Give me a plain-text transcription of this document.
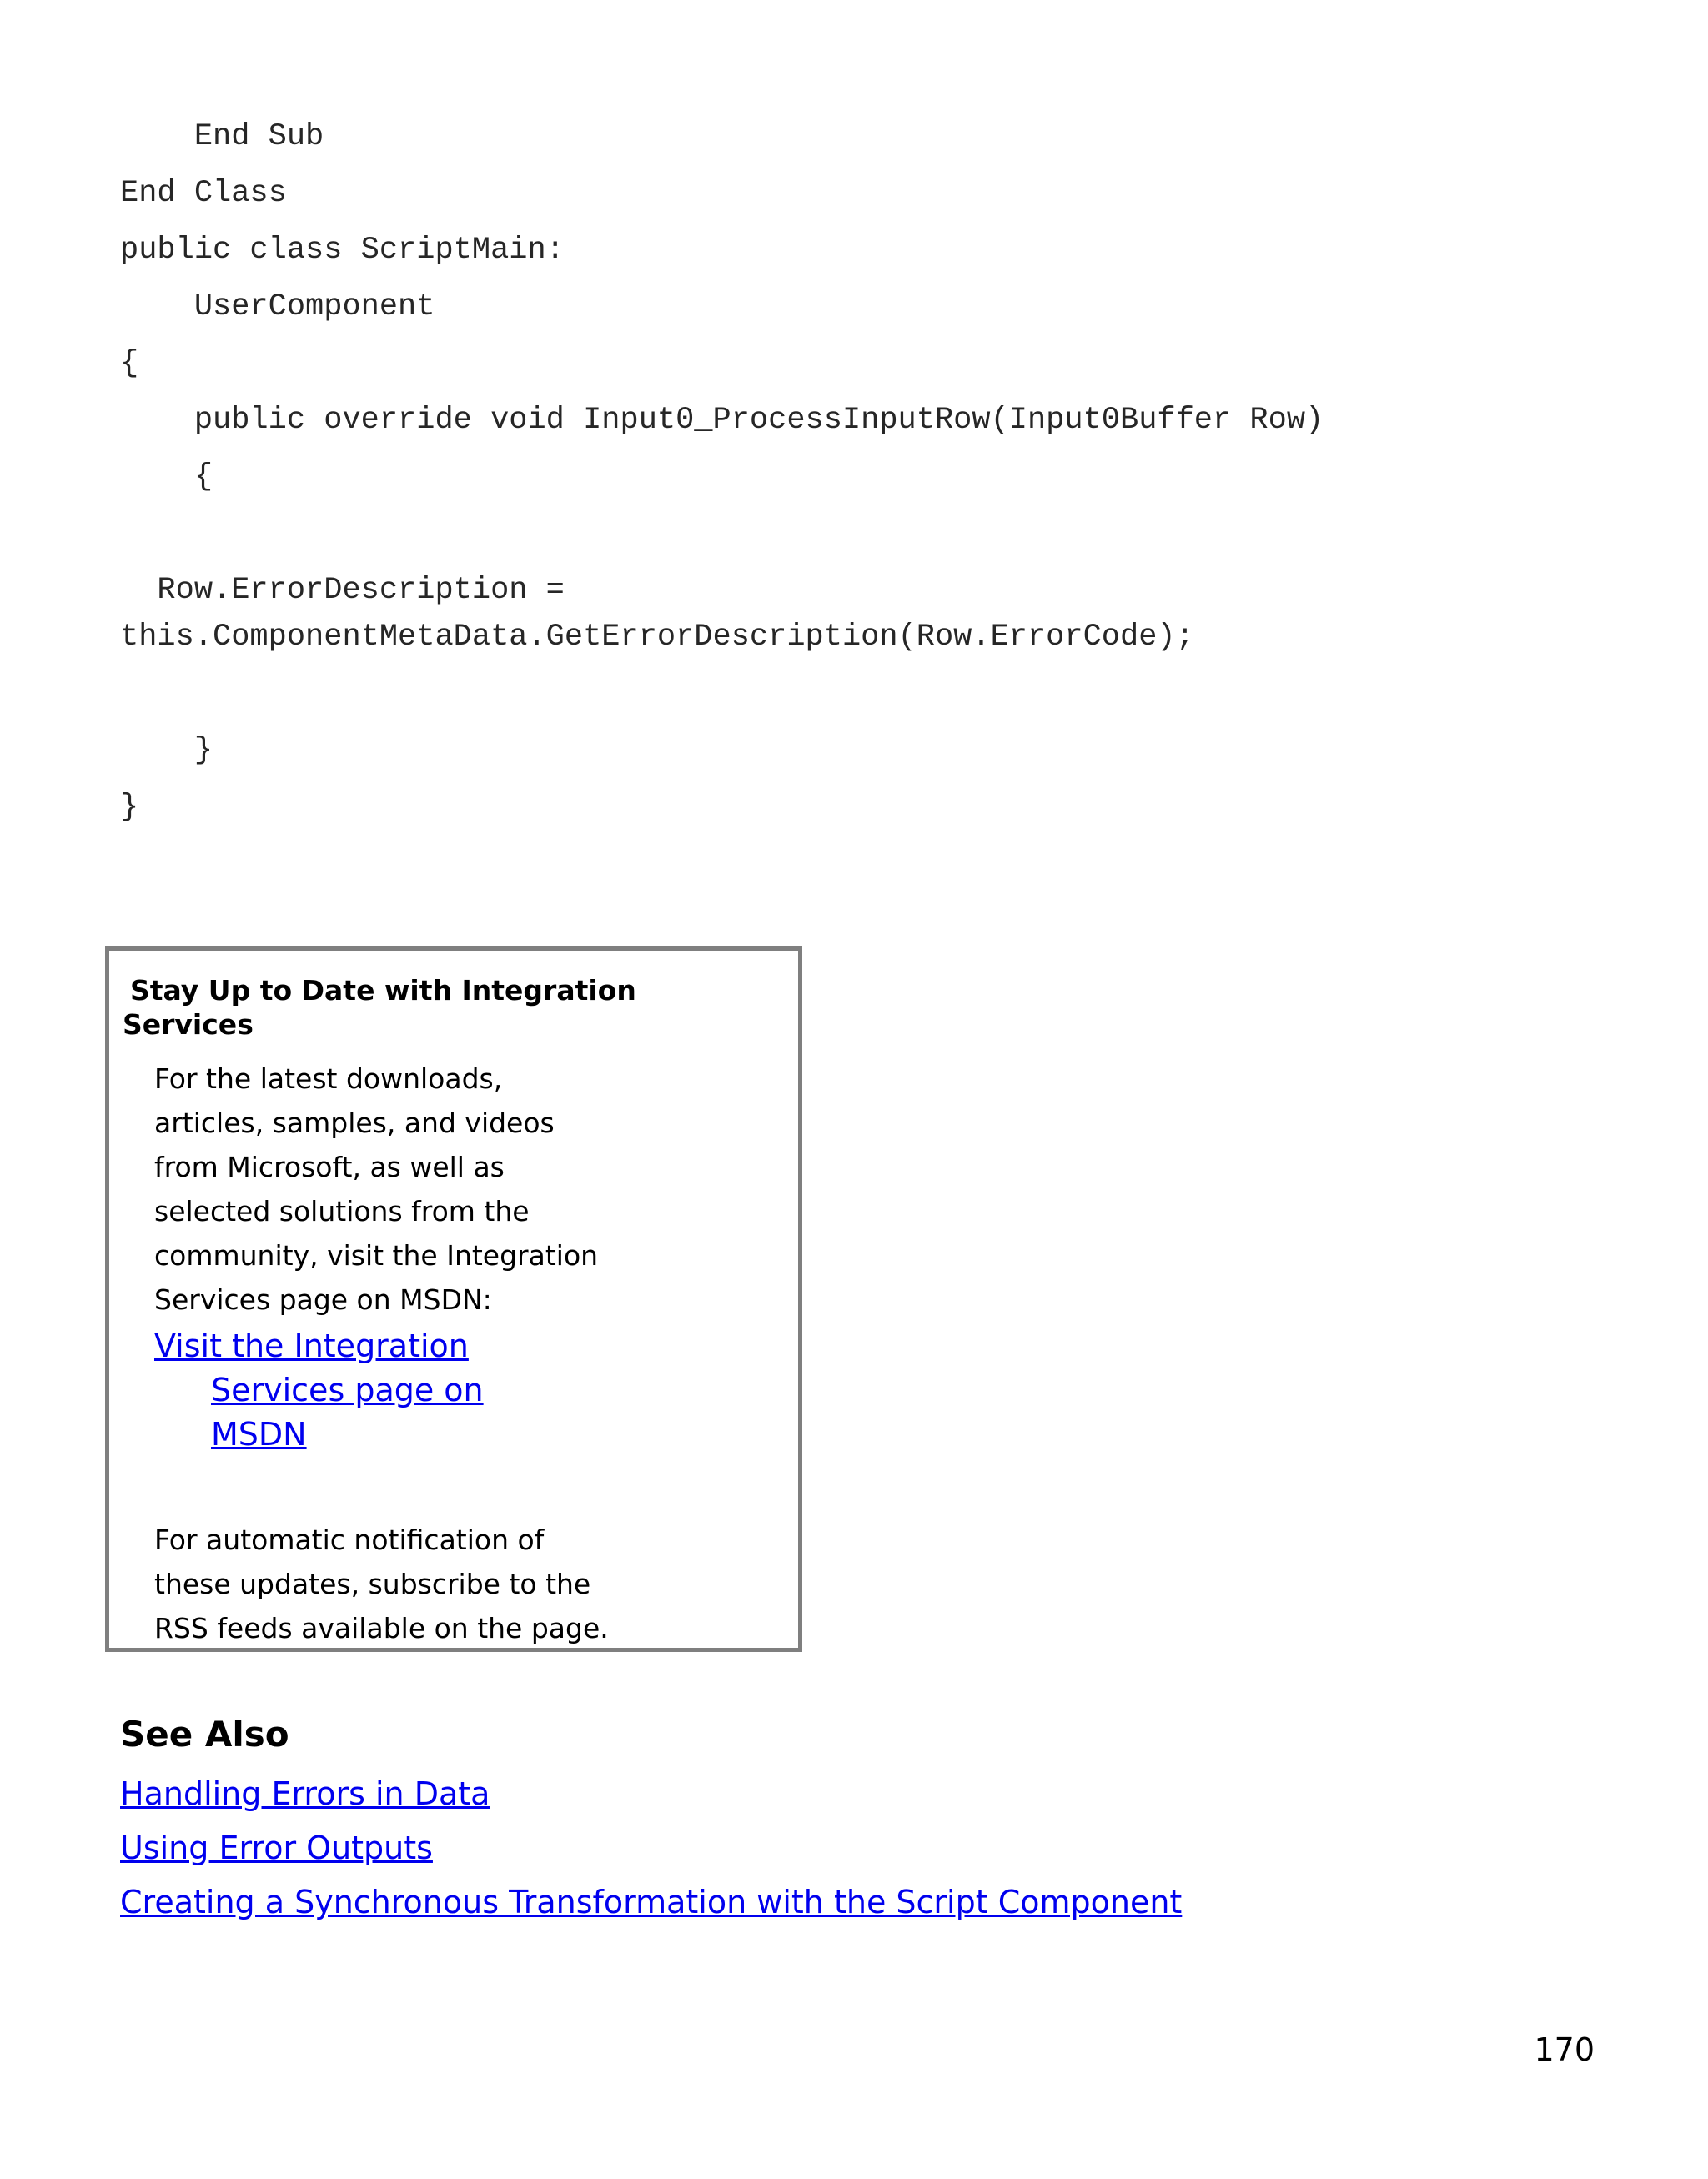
End Sub

End Class

public class ScriptMain:

UserComponent

{

public override void Input0_ProcessInputRow(Input0Buffer Row)

{

Row.ErrorDescription =

this.ComponentMetaData.GetErrorDescription(Row.ErrorCode);

}

}

Stay Up to Date with Integration
Services
For the latest downloads,
articles, samples, and videos
from Microsoft, as well as
selected solutions from the
community, visit the Integration
Services page on MSDN:
Visit the Integration
Services page on
MSDN
For automatic notification of
these updates, subscribe to the
RSS feeds available on the page.
See Also
Handling Errors in Data
Using Error Outputs
Creating a Synchronous Transformation with the Script Component
170
